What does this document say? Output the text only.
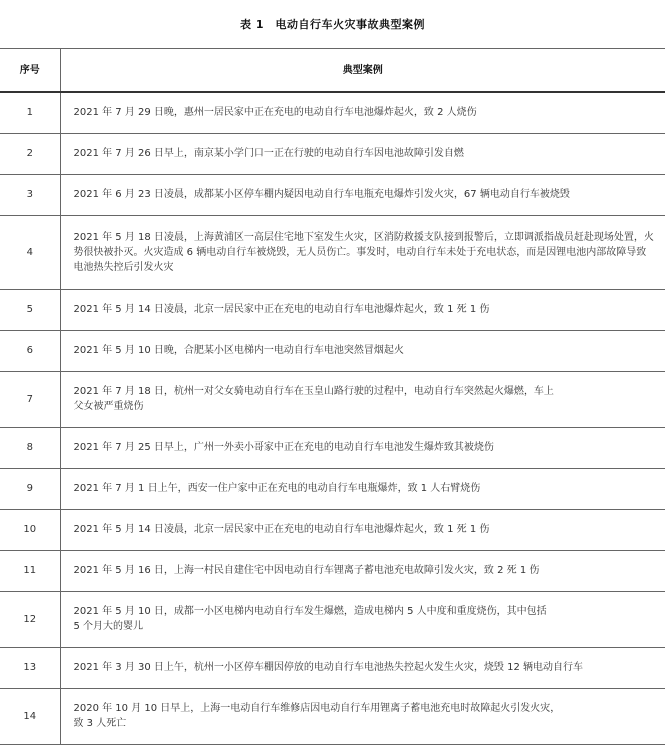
表 1　电动自行车火灾事故典型案例
序号	典型案例
1	2021 年 7 月 29 日晚，惠州一居民家中正在充电的电动自行车电池爆炸起火，致 2 人烧伤
2	2021 年 7 月 26 日早上，南京某小学门口一正在行驶的电动自行车因电池故障引发自燃
3	2021 年 6 月 23 日凌晨，成都某小区停车棚内疑因电动自行车电瓶充电爆炸引发火灾，67 辆电动自行车被烧毁
4	2021 年 5 月 18 日凌晨，上海黄浦区一高层住宅地下室发生火灾，区消防救援支队接到报警后，立即调派指战员赶赴现场处置，火势很快被扑灭。火灾造成 6 辆电动自行车被烧毁，无人员伤亡。事发时，电动自行车未处于充电状态，而是因锂电池内部故障导致电池热失控后引发火灾
5	2021 年 5 月 14 日凌晨，北京一居民家中正在充电的电动自行车电池爆炸起火，致 1 死 1 伤
6	2021 年 5 月 10 日晚，合肥某小区电梯内一电动自行车电池突然冒烟起火
7	2021 年 7 月 18 日，杭州一对父女骑电动自行车在玉皇山路行驶的过程中，电动自行车突然起火爆燃，车上
父女被严重烧伤
8	2021 年 7 月 25 日早上，广州一外卖小哥家中正在充电的电动自行车电池发生爆炸致其被烧伤
9	2021 年 7 月 1 日上午，西安一住户家中正在充电的电动自行车电瓶爆炸，致 1 人右臂烧伤
10	2021 年 5 月 14 日凌晨，北京一居民家中正在充电的电动自行车电池爆炸起火，致 1 死 1 伤
11	2021 年 5 月 16 日，上海一村民自建住宅中因电动自行车锂离子蓄电池充电故障引发火灾，致 2 死 1 伤
12	2021 年 5 月 10 日，成都一小区电梯内电动自行车发生爆燃，造成电梯内 5 人中度和重度烧伤，其中包括
5 个月大的婴儿
13	2021 年 3 月 30 日上午，杭州一小区停车棚因停放的电动自行车电池热失控起火发生火灾，烧毁 12 辆电动自行车
14	2020 年 10 月 10 日早上，上海一电动自行车维修店因电动自行车用锂离子蓄电池充电时故障起火引发火灾，
致 3 人死亡
